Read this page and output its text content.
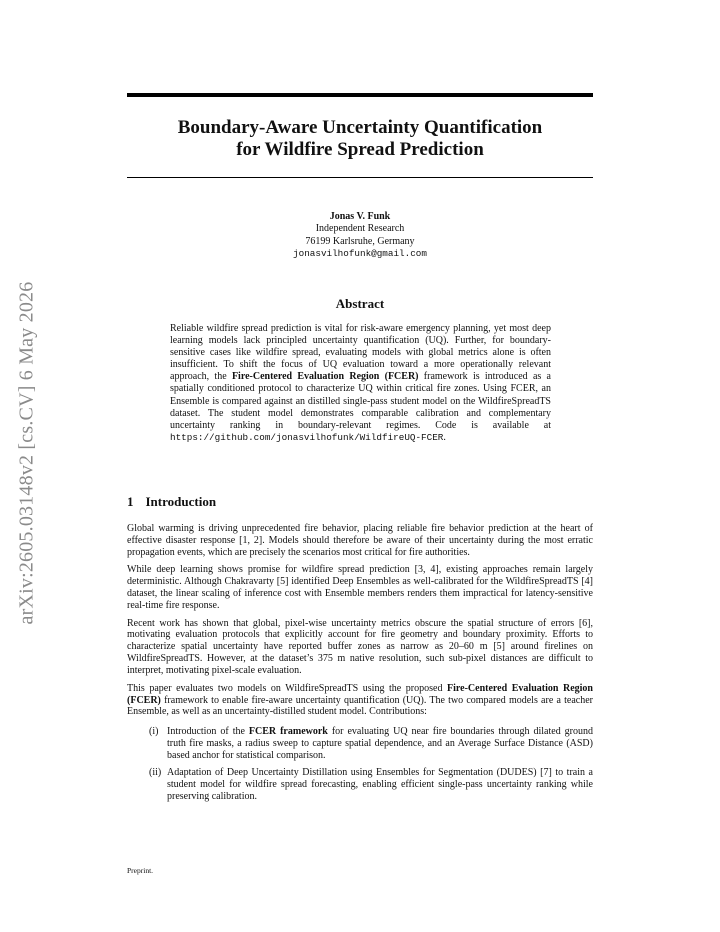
arXiv:2605.03148v2 [cs.CV] 6 May 2026
Boundary-Aware Uncertainty Quantification
for Wildfire Spread Prediction
Jonas V. Funk
Independent Research
76199 Karlsruhe, Germany
jonasvilhofunk@gmail.com
Abstract
Reliable wildfire spread prediction is vital for risk-aware emergency planning, yet most deep learning models lack principled uncertainty quantification (UQ). Further, for boundary-sensitive cases like wildfire spread, evaluating models with global metrics alone is often insufficient. To shift the focus of UQ evaluation toward a more operationally relevant approach, the Fire-Centered Evaluation Region (FCER) framework is introduced as a spatially conditioned protocol to characterize UQ within critical fire zones. Using FCER, an Ensemble is compared against an distilled single-pass student model on the WildfireSpreadTS dataset. The student model demonstrates comparable calibration and complementary uncertainty ranking in boundary-relevant regimes. Code is available at https://github.com/jonasvilhofunk/WildfireUQ-FCER.
1 Introduction

Global warming is driving unprecedented fire behavior, placing reliable fire behavior prediction at the heart of effective disaster response [1, 2]. Models should therefore be aware of their uncertainty during the most erratic propagation events, which are precisely the scenarios most critical for fire authorities.

While deep learning shows promise for wildfire spread prediction [3, 4], existing approaches remain largely deterministic. Although Chakravarty [5] identified Deep Ensembles as well-calibrated for the WildfireSpreadTS [4] dataset, the linear scaling of inference cost with Ensemble members renders them impractical for latency-sensitive real-time fire response.

Recent work has shown that global, pixel-wise uncertainty metrics obscure the spatial structure of errors [6], motivating evaluation protocols that explicitly account for fire geometry and boundary proximity. Efforts to characterize spatial uncertainty have reported buffer zones as narrow as 20–60 m [5] around firelines on WildfireSpreadTS. However, at the dataset’s 375 m native resolution, such sub-pixel distances are difficult to interpret, motivating pixel-scale evaluation.

This paper evaluates two models on WildfireSpreadTS using the proposed Fire-Centered Evaluation Region (FCER) framework to enable fire-aware uncertainty quantification (UQ). The two compared models are a teacher Ensemble, as well as an uncertainty-distilled student model. Contributions:

(i) Introduction of the FCER framework for evaluating UQ near fire boundaries through dilated ground truth fire masks, a radius sweep to capture spatial dependence, and an Average Surface Distance (ASD) based anchor for statistical comparison.
(ii) Adaptation of Deep Uncertainty Distillation using Ensembles for Segmentation (DUDES) [7] to train a student model for wildfire spread forecasting, enabling efficient single-pass uncertainty ranking while preserving calibration.
Preprint.
